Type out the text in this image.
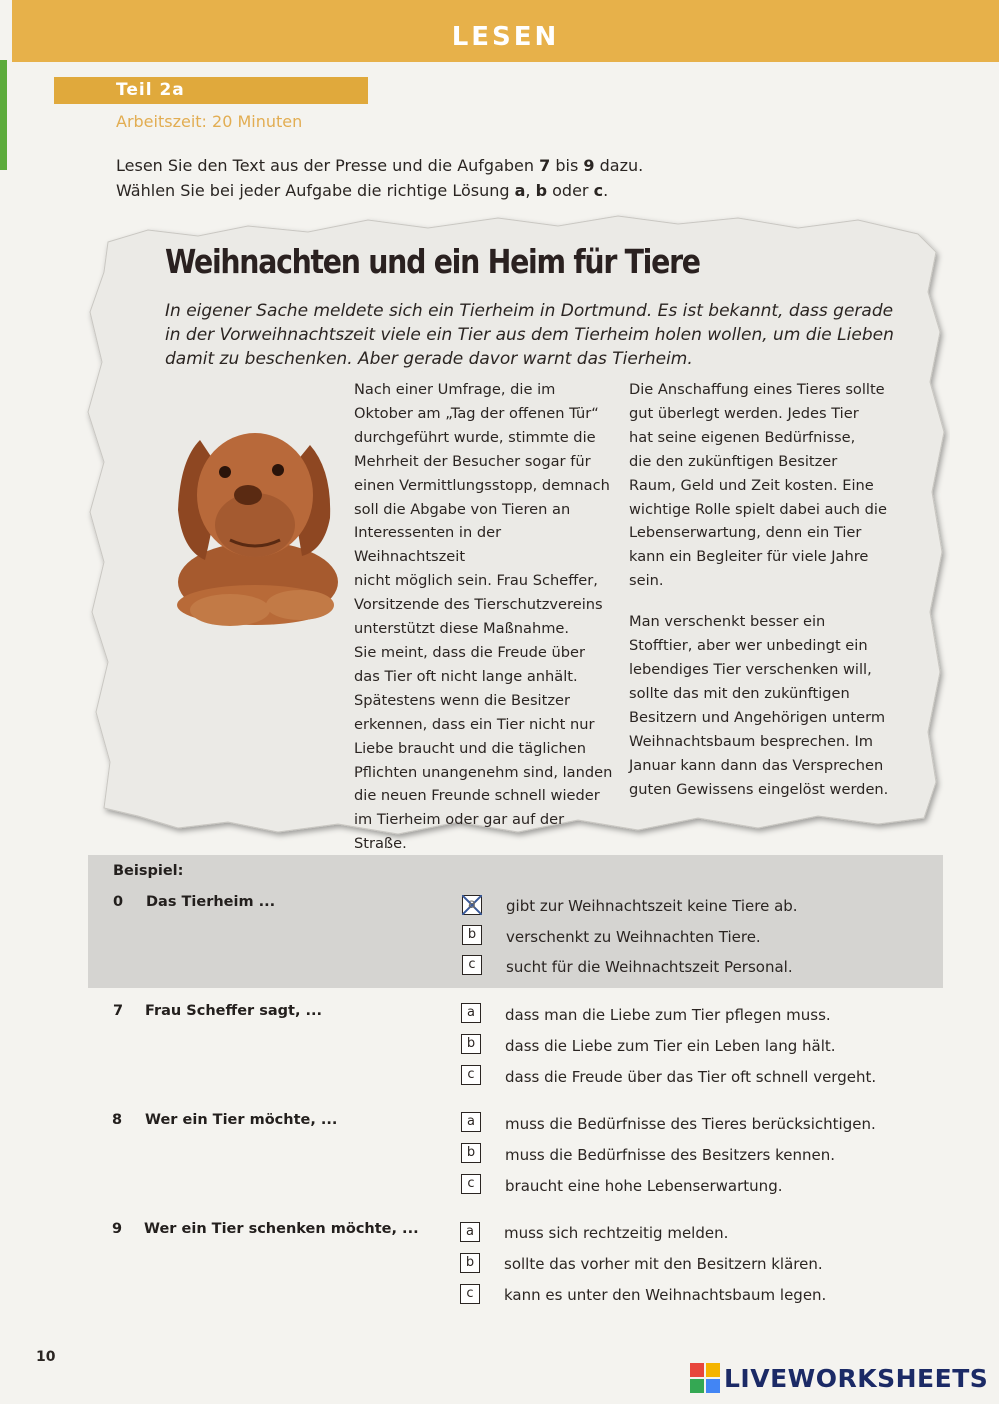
LESEN
Teil 2a
Arbeitszeit: 20 Minuten
Lesen Sie den Text aus der Presse und die Aufgaben 7 bis 9 dazu.
Wählen Sie bei jeder Aufgabe die richtige Lösung a, b oder c.
Weihnachten und ein Heim für Tiere
In eigener Sache meldete sich ein Tierheim in Dortmund. Es ist bekannt, dass gerade in der Vorweihnachtszeit viele ein Tier aus dem Tierheim holen wollen, um die Lieben damit zu beschenken. Aber gerade davor warnt das Tierheim.
Nach einer Umfrage, die im
Oktober am „Tag der offenen Tür“
durchgeführt wurde, stimmte die
Mehrheit der Besucher sogar für
einen Vermittlungsstopp, demnach
soll die Abgabe von Tieren an
Interessenten in der Weihnachtszeit
nicht möglich sein. Frau Scheffer,
Vorsitzende des Tierschutzvereins
unterstützt diese Maßnahme.
Sie meint, dass die Freude über
das Tier oft nicht lange anhält.
Spätestens wenn die Besitzer
erkennen, dass ein Tier nicht nur
Liebe braucht und die täglichen
Pflichten unangenehm sind, landen
die neuen Freunde schnell wieder
im Tierheim oder gar auf der
Straße.
Die Anschaffung eines Tieres sollte
gut überlegt werden. Jedes Tier
hat seine eigenen Bedürfnisse,
die den zukünftigen Besitzer
Raum, Geld und Zeit kosten. Eine
wichtige Rolle spielt dabei auch die
Lebenserwartung, denn ein Tier
kann ein Begleiter für viele Jahre
sein.
Man verschenkt besser ein
Stofftier, aber wer unbedingt ein
lebendiges Tier verschenken will,
sollte das mit den zukünftigen
Besitzern und Angehörigen unterm
Weihnachtsbaum besprechen. Im
Januar kann dann das Versprechen
guten Gewissens eingelöst werden.
Beispiel:
0 Das Tierheim ...	a	gibt zur Weihnachtszeit keine Tiere ab.
b	verschenkt zu Weihnachten Tiere.
c	sucht für die Weihnachtszeit Personal.
7 Frau Scheffer sagt, ...	a	dass man die Liebe zum Tier pflegen muss.
b	dass die Liebe zum Tier ein Leben lang hält.
c	dass die Freude über das Tier oft schnell vergeht.
8 Wer ein Tier möchte, ...	a	muss die Bedürfnisse des Tieres berücksichtigen.
b	muss die Bedürfnisse des Besitzers kennen.
c	braucht eine hohe Lebenserwartung.
9 Wer ein Tier schenken möchte, ...	a	muss sich rechtzeitig melden.
b	sollte das vorher mit den Besitzern klären.
c	kann es unter den Weihnachtsbaum legen.
10
LIVEWORKSHEETS
